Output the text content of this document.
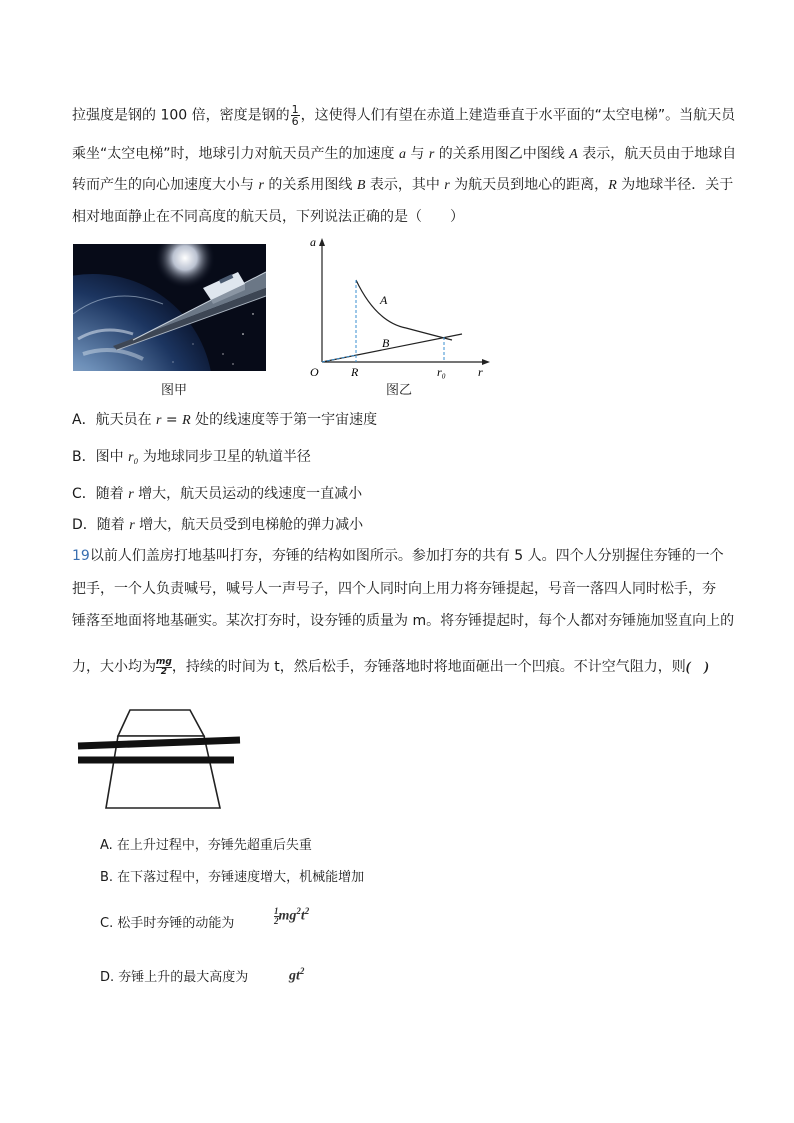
拉强度是钢的 100 倍，密度是钢的 $\frac{1}{6}$ ，这使得人们有望在赤道上建造垂直于水平面的“太空电梯”。当航天员
乘坐“太空电梯”时，地球引力对航天员产生的加速度 a 与 r 的关系用图乙中图线 A 表示，航天员由于地球自
转而产生的向心加速度大小与 r 的关系用图线 B 表示，其中 r 为航天员到地心的距离，R 为地球半径．关于
相对地面静止在不同高度的航天员，下列说法正确的是（　　）
图甲
a
O	R	r₀	r
A
B
图乙
A．航天员在 r = R 处的线速度等于第一宇宙速度
B．图中 r₀ 为地球同步卫星的轨道半径
C．随着 r 增大，航天员运动的线速度一直减小
D．随着 r 增大，航天员受到电梯舱的弹力减小
19以前人们盖房打地基叫打夯，夯锤的结构如图所示。参加打夯的共有 5 人。四个人分别握住夯锤的一个
把手，一个人负责喊号，喊号人一声号子，四个人同时向上用力将夯锤提起，号音一落四人同时松手，夯
锤落至地面将地基砸实。某次打夯时，设夯锤的质量为 m。将夯锤提起时，每个人都对夯锤施加竖直向上的
力，大小均为 $\frac{mg}{2}$，持续的时间为 t，然后松手，夯锤落地时将地面砸出一个凹痕。不计空气阻力，则(　)
A. 在上升过程中，夯锤先超重后失重
B. 在下落过程中，夯锤速度增大，机械能增加
C. 松手时夯锤的动能为	$\frac{1}{2}mg^2t^2$
D. 夯锤上升的最大高度为	$gt^2$
